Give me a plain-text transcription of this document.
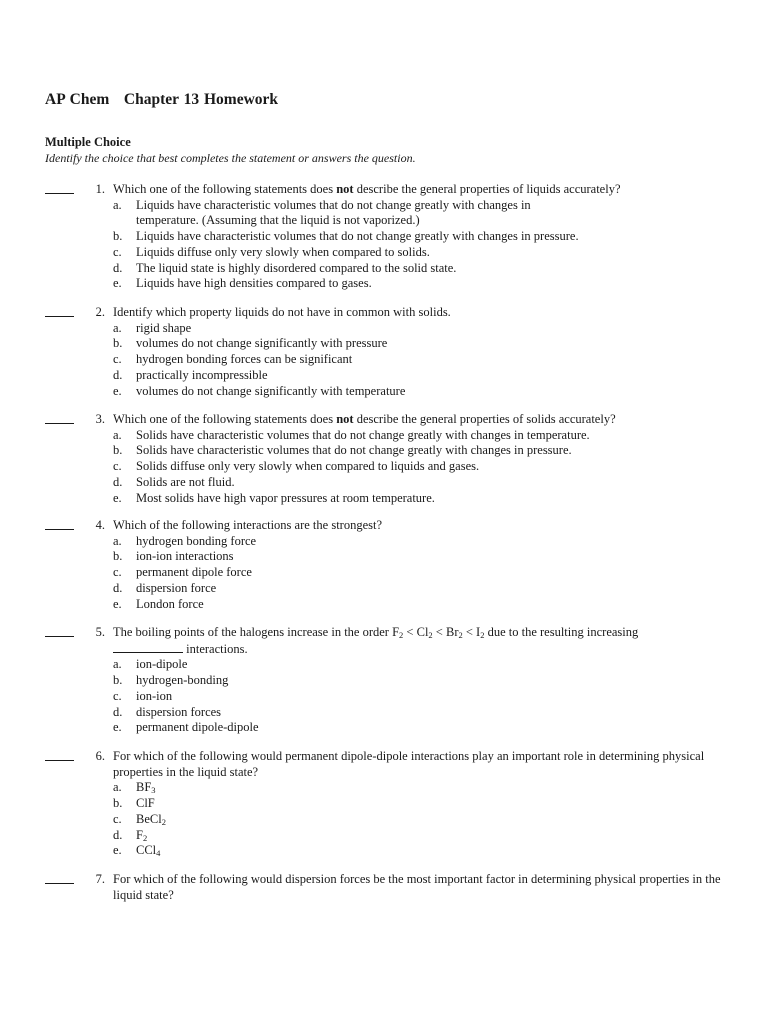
AP Chem   Chapter 13 Homework
Multiple Choice
Identify the choice that best completes the statement or answers the question.
1. Which one of the following statements does not describe the general properties of liquids accurately?
a.	Liquids have characteristic volumes that do not change greatly with changes in temperature. (Assuming that the liquid is not vaporized.)
b.	Liquids have characteristic volumes that do not change greatly with changes in pressure.
c.	Liquids diffuse only very slowly when compared to solids.
d.	The liquid state is highly disordered compared to the solid state.
e.	Liquids have high densities compared to gases.
2. Identify which property liquids do not have in common with solids.
a.	rigid shape
b.	volumes do not change significantly with pressure
c.	hydrogen bonding forces can be significant
d.	practically incompressible
e.	volumes do not change significantly with temperature
3. Which one of the following statements does not describe the general properties of solids accurately?
a.	Solids have characteristic volumes that do not change greatly with changes in temperature.
b.	Solids have characteristic volumes that do not change greatly with changes in pressure.
c.	Solids diffuse only very slowly when compared to liquids and gases.
d.	Solids are not fluid.
e.	Most solids have high vapor pressures at room temperature.
4. Which of the following interactions are the strongest?
a.	hydrogen bonding force
b.	ion-ion interactions
c.	permanent dipole force
d.	dispersion force
e.	London force
5. The boiling points of the halogens increase in the order $F_2 < Cl_2 < Br_2 < I_2$ due to the resulting increasing
interactions.
a.	ion-dipole
b.	hydrogen-bonding
c.	ion-ion
d.	dispersion forces
e.	permanent dipole-dipole
6. For which of the following would permanent dipole-dipole interactions play an important role in determining physical properties in the liquid state?
a.	$BF_3$
b.	ClF
c.	BeCl$_2$
d.	$F_2$
e.	CCl$_4$
7. For which of the following would dispersion forces be the most important factor in determining physical properties in the liquid state?
